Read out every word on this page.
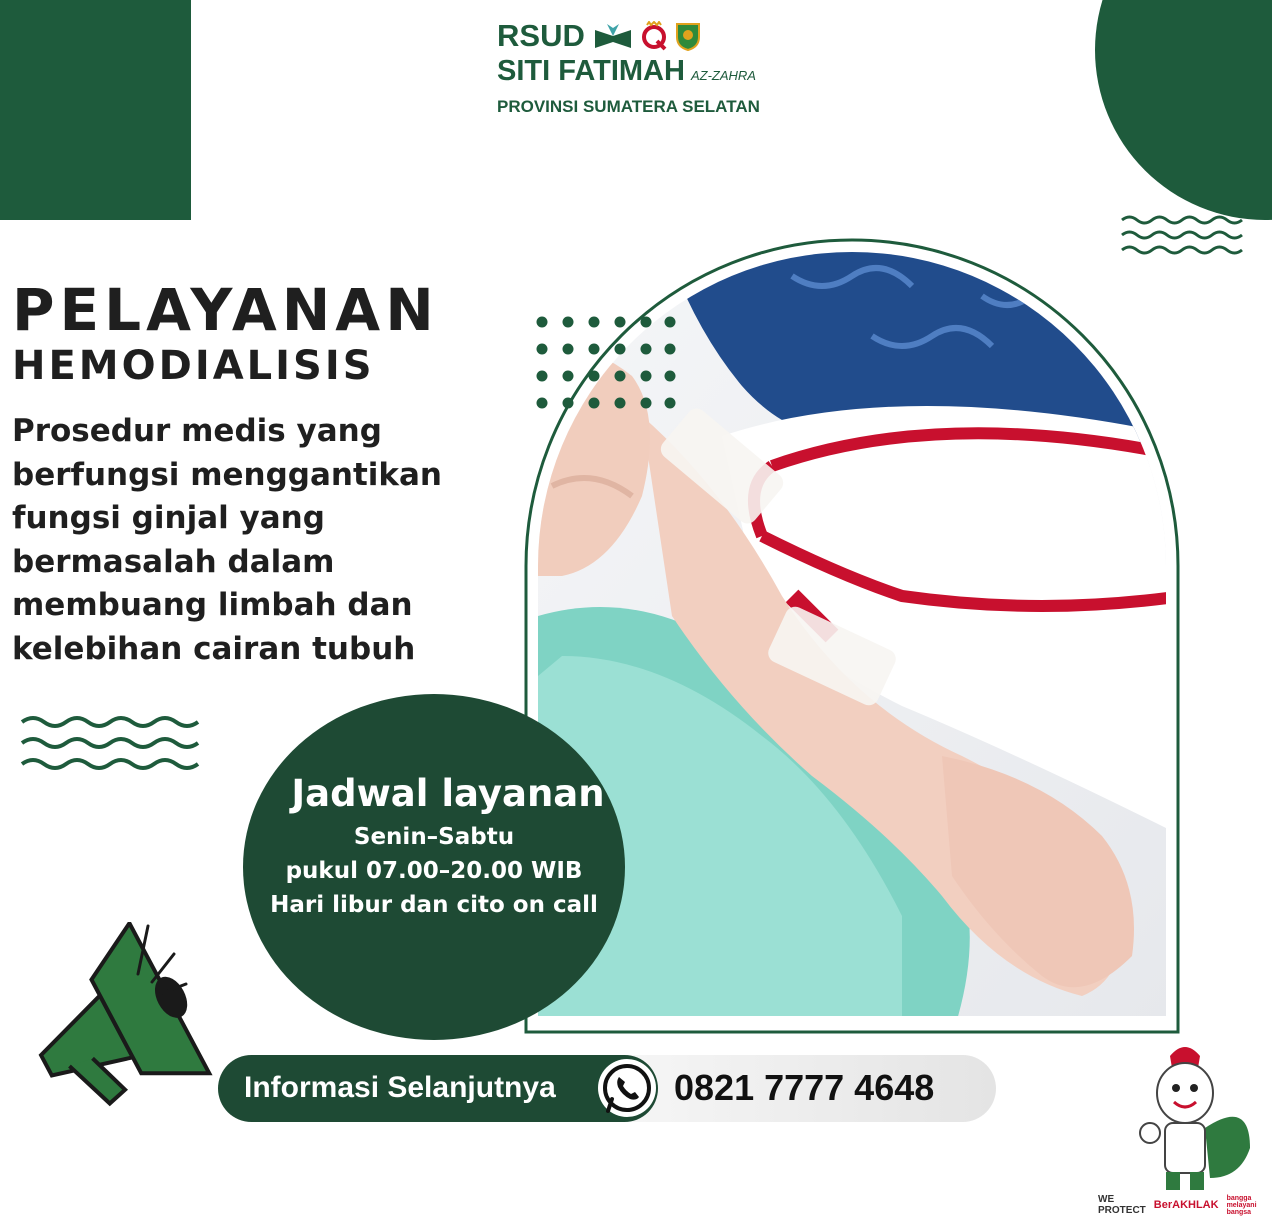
RSUD
SITI FATIMAH AZ-ZAHRA
PROVINSI SUMATERA SELATAN
PELAYANAN
HEMODIALISIS
Prosedur medis yang
berfungsi menggantikan
fungsi ginjal yang
bermasalah dalam
membuang limbah dan
kelebihan cairan tubuh
Jadwal layanan
Senin–Sabtu
pukul 07.00–20.00 WIB
Hari libur dan cito on call
Informasi Selanjutnya	0821 7777 4648
WE
PROTECT BerAKHLAK
bangga
melayani
bangsa
